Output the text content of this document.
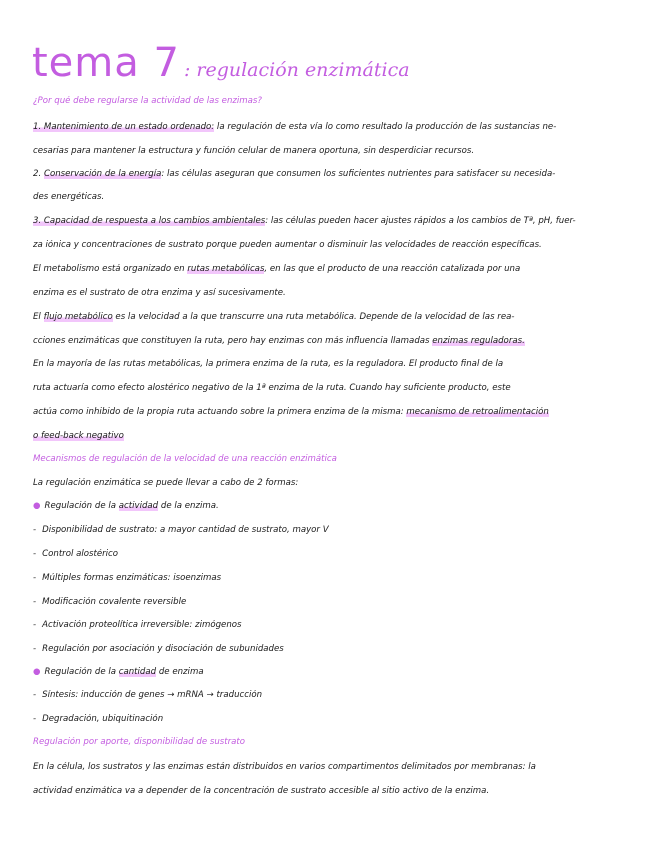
tema 7 : regulación enzimática
¿Por qué debe regularse la actividad de las enzimas?
1. Mantenimiento de un estado ordenado: la regulación de esta vía lo como resultado la producción de las sustancias ne-
cesarias para mantener la estructura y función celular de manera oportuna, sin desperdiciar recursos.
2. Conservación de la energía: las células aseguran que consumen los suficientes nutrientes para satisfacer su necesida-
des energéticas.
3. Capacidad de respuesta a los cambios ambientales: las células pueden hacer ajustes rápidos a los cambios de Tª, pH, fuer-
za iónica y concentraciones de sustrato porque pueden aumentar o disminuir las velocidades de reacción específicas.
El metabolismo está organizado en rutas metabólicas, en las que el producto de una reacción catalizada por una
enzima es el sustrato de otra enzima y así sucesivamente.
El flujo metabólico es la velocidad a la que transcurre una ruta metabólica. Depende de la velocidad de las rea-
cciones enzimáticas que constituyen la ruta, pero hay enzimas con más influencia llamadas enzimas reguladoras.
En la mayoría de las rutas metabólicas, la primera enzima de la ruta, es la reguladora. El producto final de la
ruta actuaría como efecto alostérico negativo de la 1ª enzima de la ruta. Cuando hay suficiente producto, este
actúa como inhibido de la propia ruta actuando sobre la primera enzima de la misma: mecanismo de retroalimentación
o feed-back negativo
Mecanismos de regulación de la velocidad de una reacción enzimática
La regulación enzimática se puede llevar a cabo de 2 formas:
● Regulación de la actividad de la enzima.
- Disponibilidad de sustrato: a mayor cantidad de sustrato, mayor V
- Control alostérico
- Múltiples formas enzimáticas: isoenzimas
- Modificación covalente reversible
- Activación proteolítica irreversible: zimógenos
- Regulación por asociación y disociación de subunidades
● Regulación de la cantidad de enzima
- Síntesis: inducción de genes → mRNA → traducción
- Degradación, ubiquitinación
Regulación por aporte, disponibilidad de sustrato
En la célula, los sustratos y las enzimas están distribuidos en varios compartimentos delimitados por membranas: la
actividad enzimática va a depender de la concentración de sustrato accesible al sitio activo de la enzima.
